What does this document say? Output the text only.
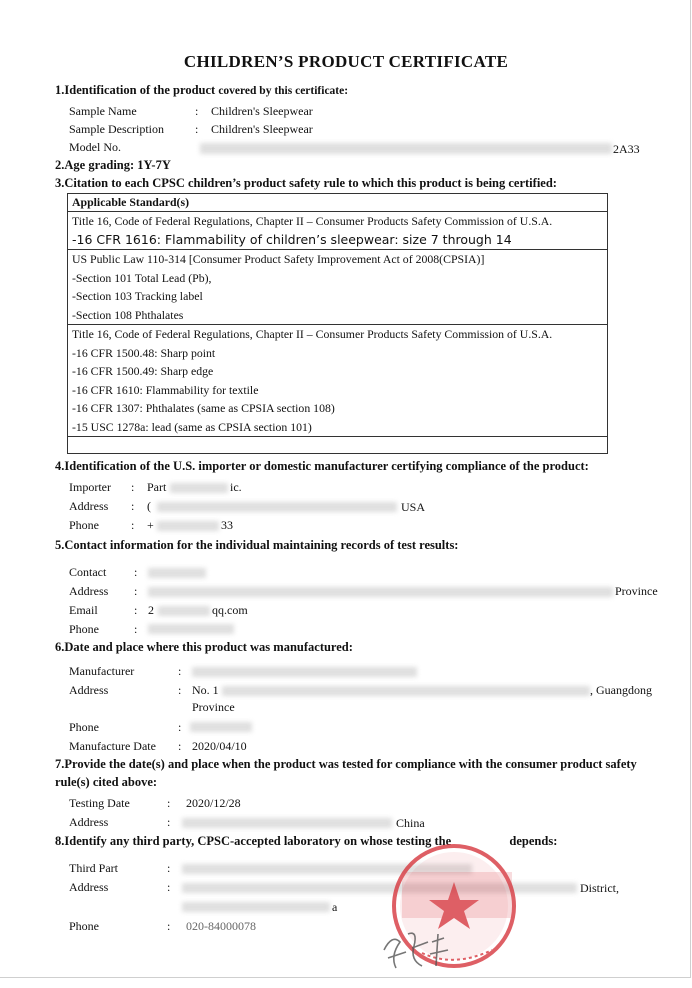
CHILDREN’S PRODUCT CERTIFICATE
1.Identification of the product covered by this certificate:
Sample Name	: Children's Sleepwear
Sample Description	: Children's Sleepwear
Model No.	2A33
2.Age grading: 1Y-7Y
3.Citation to each CPSC children’s product safety rule to which this product is being certified:
Applicable Standard(s)

Title 16, Code of Federal Regulations, Chapter II – Consumer Products Safety Commission of U.S.A.
-16 CFR 1616: Flammability of children’s sleepwear: size 7 through 14

US Public Law 110-314 [Consumer Product Safety Improvement Act of 2008(CPSIA)]
-Section 101 Total Lead (Pb),
-Section 103 Tracking label
-Section 108 Phthalates

Title 16, Code of Federal Regulations, Chapter II – Consumer Products Safety Commission of U.S.A.
-16 CFR 1500.48: Sharp point
-16 CFR 1500.49: Sharp edge
-16 CFR 1610: Flammability for textile
-16 CFR 1307: Phthalates (same as CPSIA section 108)
-15 USC 1278a: lead (same as CPSIA section 101)

4.Identification of the U.S. importer or domestic manufacturer certifying compliance of the product:
Importer : Part	ic.
Address : (	USA
Phone	: +	33
5.Contact information for the individual maintaining records of test results:
Contact :
Address :	Province
Email	: 2	qq.com
Phone	:
6.Date and place where this product was manufactured:
Manufacturer	:
Address	: No. 1	, Guangdong
Province
Phone	:
Manufacture Date : 2020/04/10
7.Provide the date(s) and place when the product was tested for compliance with the consumer product safety
rule(s) cited above:
Testing Date	: 2020/12/28
Address	:	China
8.Identify any third party, CPSC-accepted laboratory on whose testing the	depends:
Third Part	:
Address	:	District,
a
Phone	: 020-84000078
